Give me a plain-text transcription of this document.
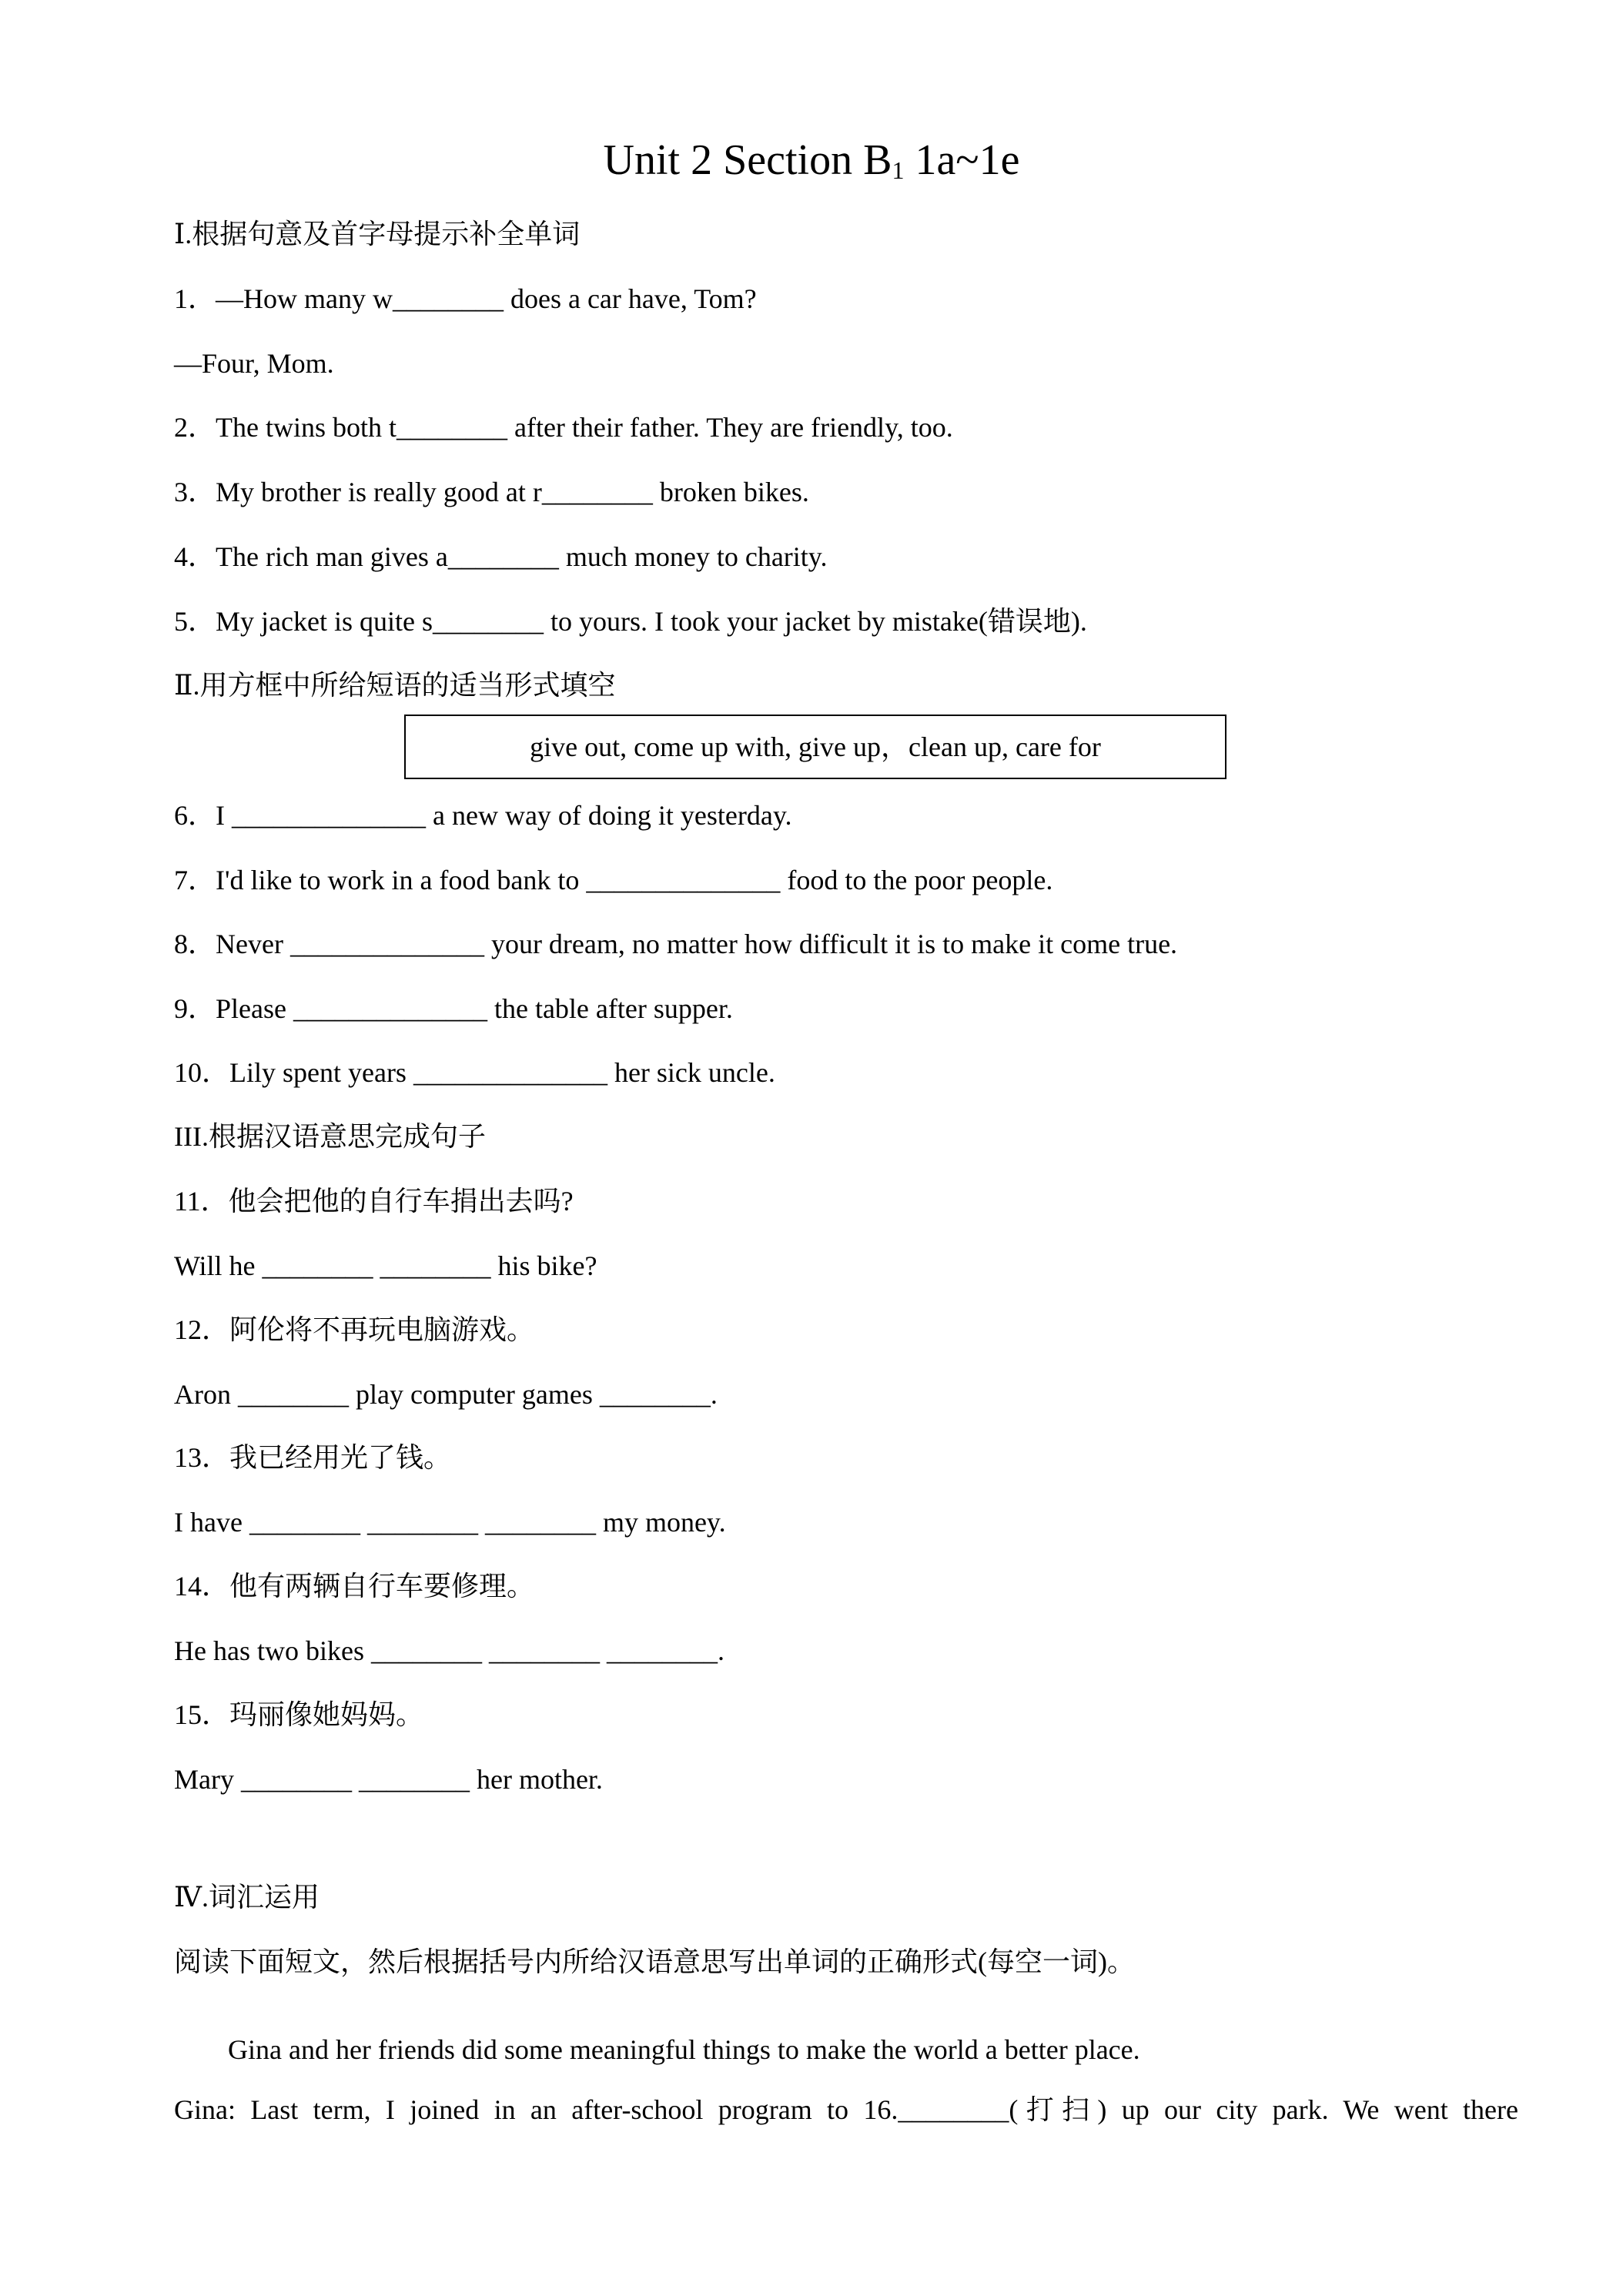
Unit 2 Section $B_1$ 1a~1e
Ⅰ.根据句意及首字母提示补全单词
1．—How many w________ does a car have, Tom?
—Four, Mom.
2．The twins both t________ after their father. They are friendly, too.
3．My brother is really good at r________ broken bikes.
4．The rich man gives a________ much money to charity.
5．My jacket is quite s________ to yours. I took your jacket by mistake(错误地).
Ⅱ.用方框中所给短语的适当形式填空
give out, come up with, give up，clean up, care for
6．I ______________ a new way of doing it yesterday.
7．I'd like to work in a food bank to ______________ food to the poor people.
8．Never ______________ your dream, no matter how difficult it is to make it come true.
9．Please ______________ the table after supper.
10．Lily spent years ______________ her sick uncle.
III.根据汉语意思完成句子
11．他会把他的自行车捐出去吗?
Will he ________ ________ his bike?
12．阿伦将不再玩电脑游戏。
Aron ________ play computer games ________.
13．我已经用光了钱。
I have ________ ________ ________ my money.
14．他有两辆自行车要修理。
He has two bikes ________ ________ ________.
15．玛丽像她妈妈。
Mary ________ ________ her mother.
Ⅳ.词汇运用
阅读下面短文，然后根据括号内所给汉语意思写出单词的正确形式(每空一词)。
Gina and her friends did some meaningful things to make the world a better place.
Gina: Last term, I joined in an after-school program to 16.________(打扫) up our city park. We went there
